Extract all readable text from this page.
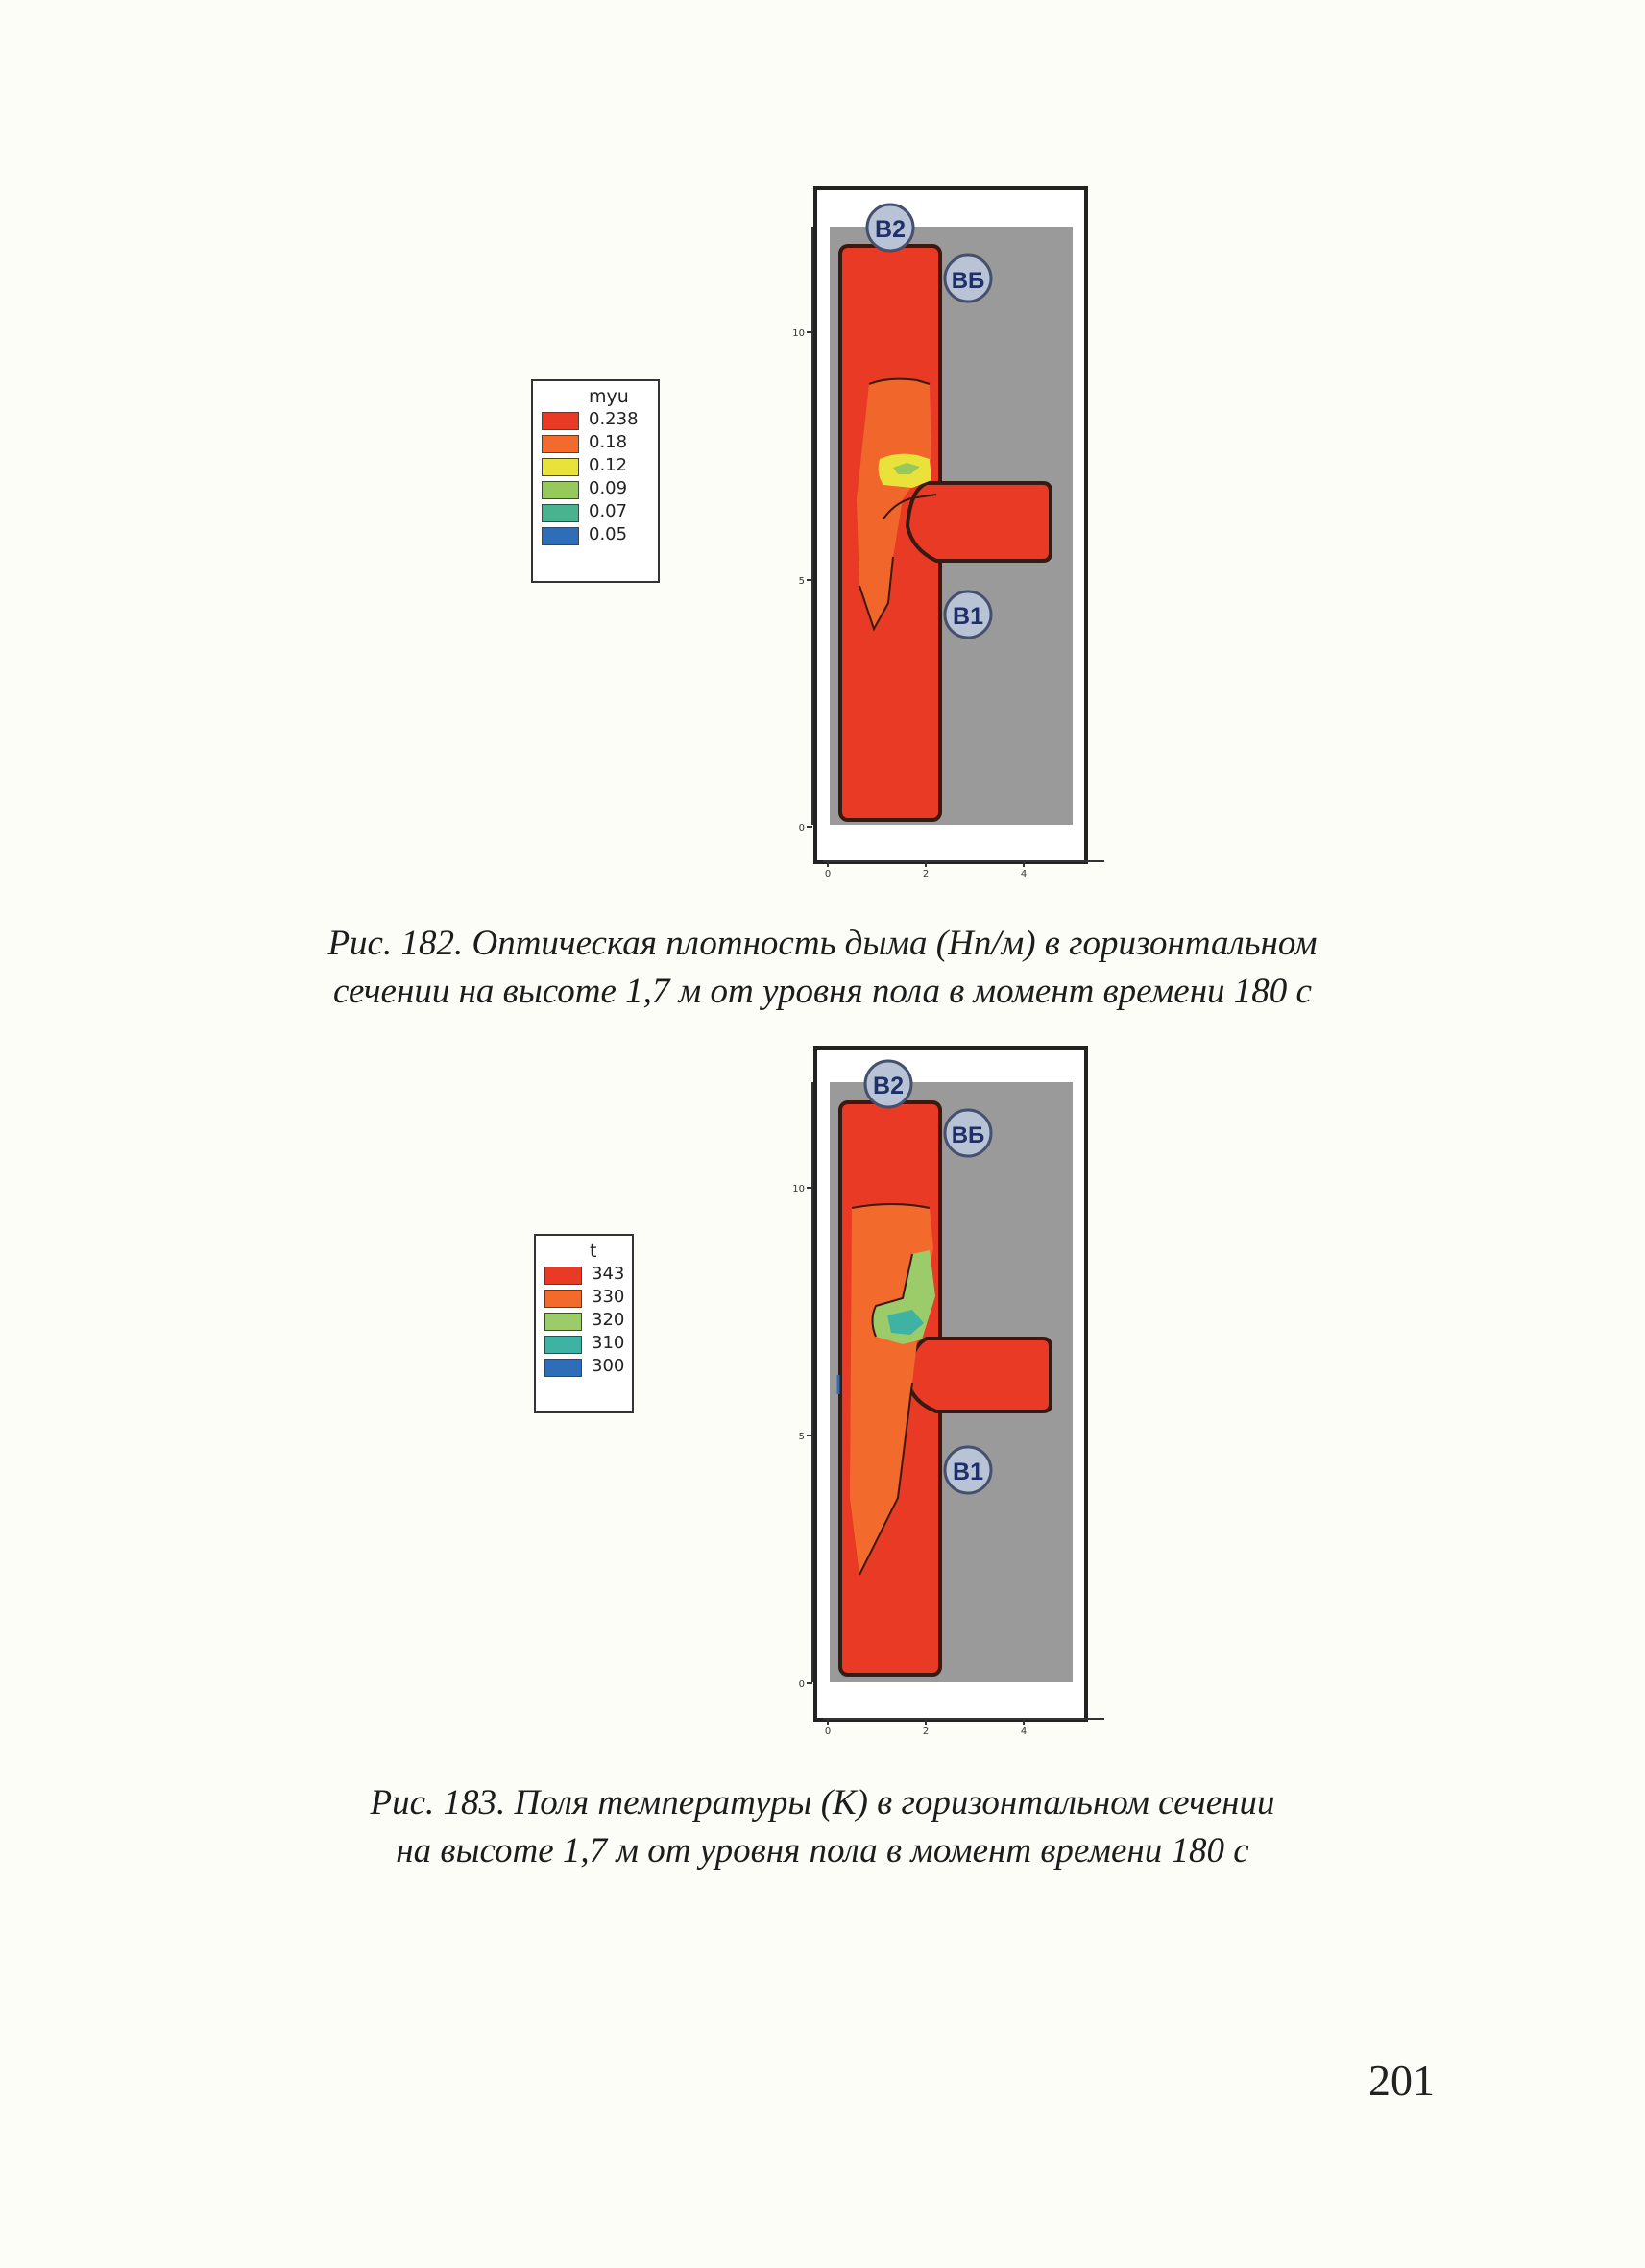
myu
0.238
0.18
0.12
0.09
0.07
0.05
10
5
0
0	2	4
B2
ВБ
B1
Рис. 182. Оптическая плотность дыма (Нп/м) в горизонтальном
сечении на высоте 1,7 м от уровня пола в момент времени 180 с
t
343
330
320
310
300
10
5
0
0	2	4
B2
ВБ
B1
Рис. 183. Поля температуры (К) в горизонтальном сечении
на высоте 1,7 м от уровня пола в момент времени 180 с
201
